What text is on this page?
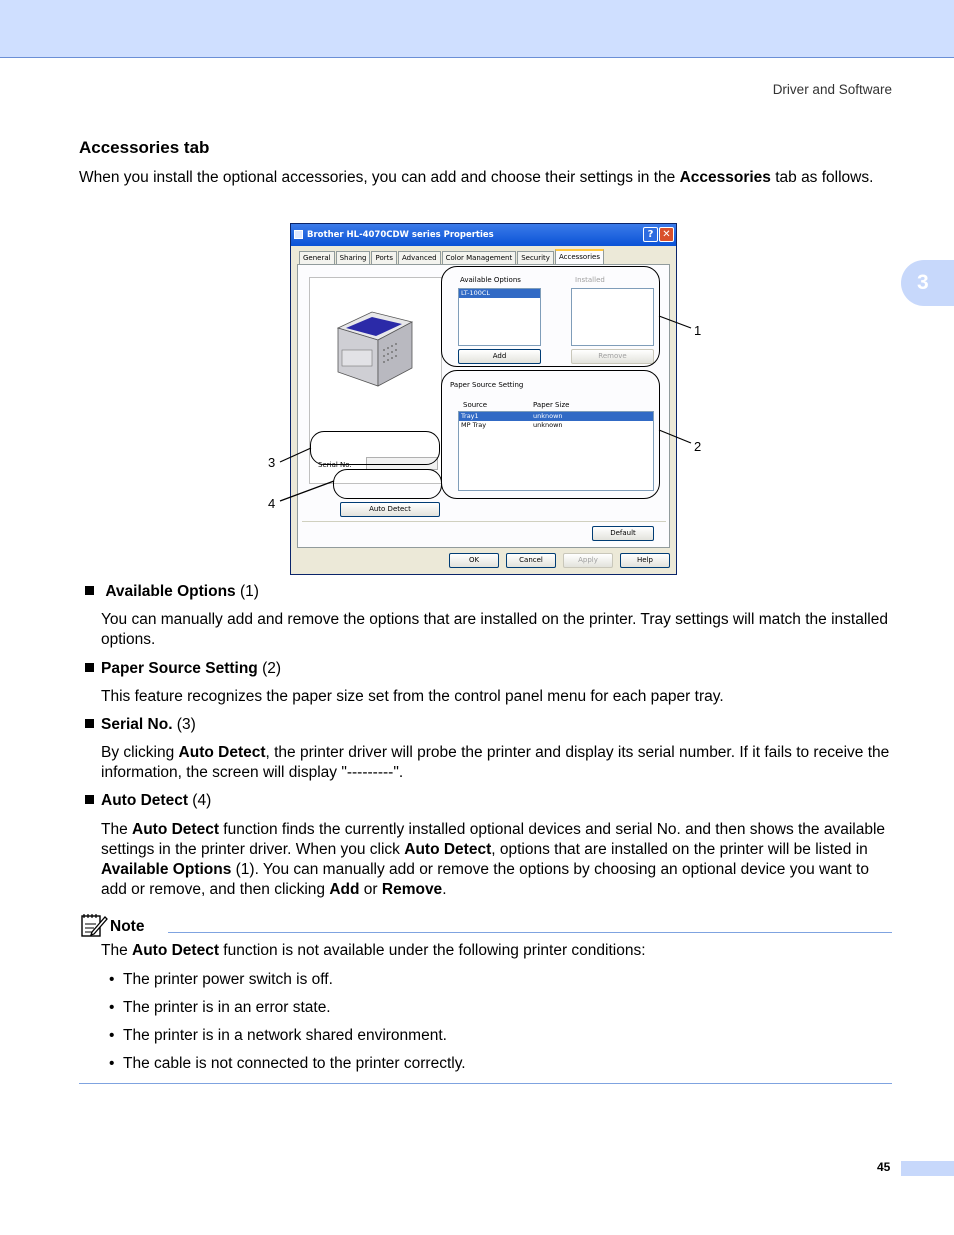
Driver and Software
3
Accessories tab
When you install the optional accessories, you can add and choose their settings in the Accessories tab as follows.
Brother HL-4070CDW series Properties	? ✕
General	Sharing	Ports	Advanced	Color Management	Security	Accessories
Serial No.
Available Options	Installed
LT-100CL
Add	Remove
Paper Source Setting
Source	Paper Size
Tray1	unknown
MP Tray	unknown
Auto Detect
Default
OK	Cancel	Apply	Help
1
2
3
4
Available Options (1)
You can manually add and remove the options that are installed on the printer. Tray settings will match the installed options.
Paper Source Setting (2)
This feature recognizes the paper size set from the control panel menu for each paper tray.
Serial No. (3)
By clicking Auto Detect, the printer driver will probe the printer and display its serial number. If it fails to receive the information, the screen will display "---------".
Auto Detect (4)
The Auto Detect function finds the currently installed optional devices and serial No. and then shows the available settings in the printer driver. When you click Auto Detect, options that are installed on the printer will be listed in Available Options (1). You can manually add or remove the options by choosing an optional device you want to add or remove, and then clicking Add or Remove.
Note
The Auto Detect function is not available under the following printer conditions:
• The printer power switch is off.
• The printer is in an error state.
• The printer is in a network shared environment.
• The cable is not connected to the printer correctly.
45
